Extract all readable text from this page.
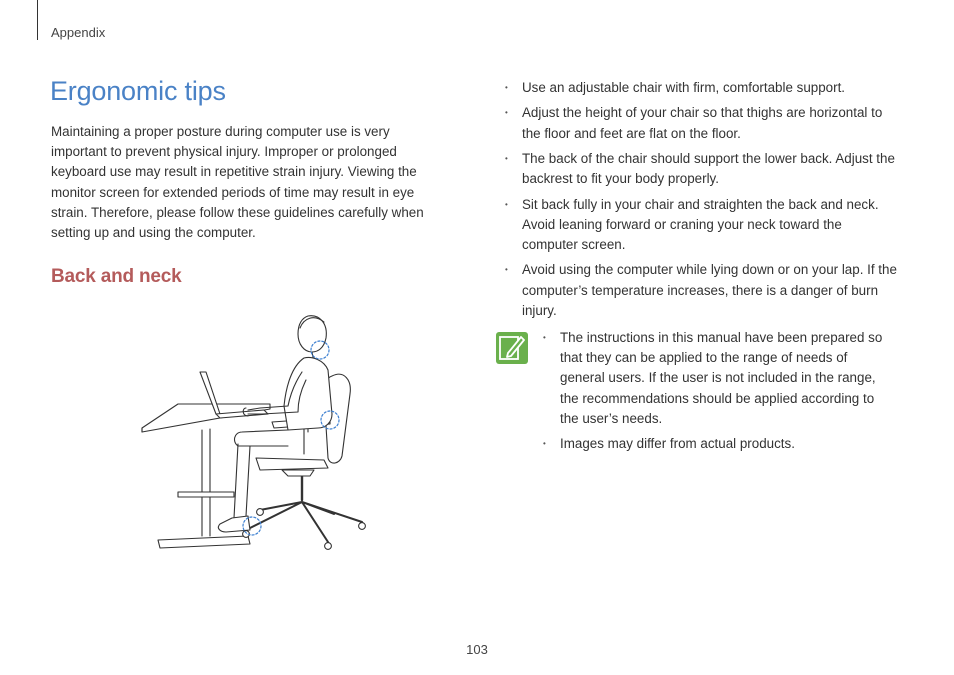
Appendix
Ergonomic tips

Maintaining a proper posture during computer use is very important to prevent physical injury. Improper or prolonged keyboard use may result in repetitive strain injury. Viewing the monitor screen for extended periods of time may result in eye strain. Therefore, please follow these guidelines carefully when setting up and using the computer.

Back and neck
• Use an adjustable chair with firm, comfortable support.
• Adjust the height of your chair so that thighs are horizontal to the floor and feet are flat on the floor.
• The back of the chair should support the lower back. Adjust the backrest to fit your body properly.
• Sit back fully in your chair and straighten the back and neck. Avoid leaning forward or craning your neck toward the computer screen.
• Avoid using the computer while lying down or on your lap. If the computer’s temperature increases, there is a danger of burn injury.
• The instructions in this manual have been prepared so that they can be applied to the range of needs of general users. If the user is not included in the range, the recommendations should be applied according to the user’s needs.
• Images may differ from actual products.
103
